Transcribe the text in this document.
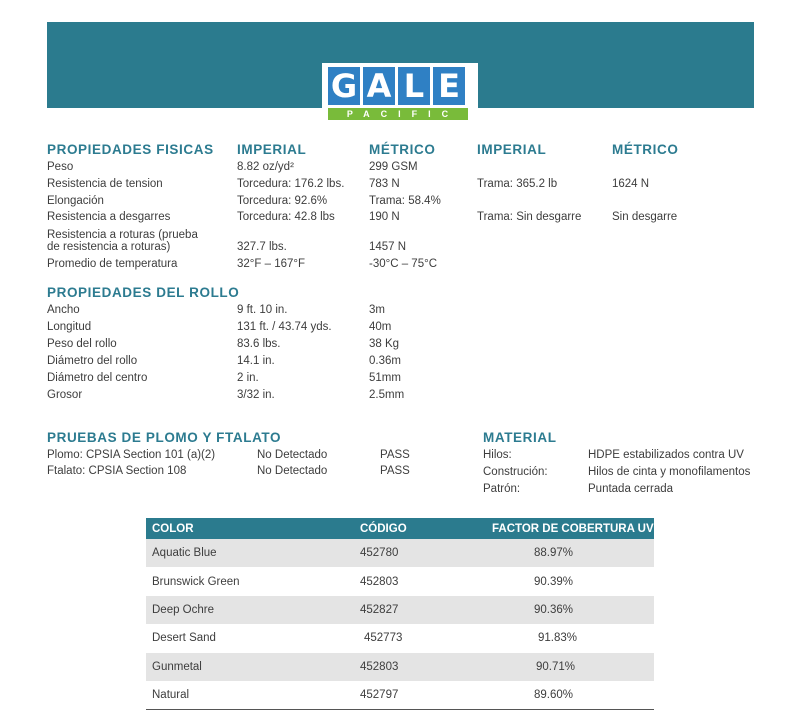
G A L E
PACIFIC
PROPIEDADES FISICAS IMPERIAL	MÉTRICO	IMPERIAL	MÉTRICO
Peso	8.82 oz/yd²	299 GSM
Resistencia de tension	Torcedura: 176.2 lbs. 783 N	Trama: 365.2 lb	1624 N
Elongación	Torcedura: 92.6%	Trama: 58.4%
Resistencia a desgarres	Torcedura: 42.8 lbs	190 N	Trama: Sin desgarre	Sin desgarre
Resistencia a roturas (prueba
de resistencia a roturas)	327.7 lbs.	1457 N
Promedio de temperatura	32°F – 167°F	-30°C – 75°C
PROPIEDADES DEL ROLLO
Ancho	9 ft. 10 in.	3m
Longitud	131 ft. / 43.74 yds.	40m
Peso del rollo	83.6 lbs.	38 Kg
Diámetro del rollo	14.1 in.	0.36m
Diámetro del centro	2 in.	51mm
Grosor	3/32 in.	2.5mm
PRUEBAS DE PLOMO Y FTALATO
Plomo: CPSIA Section 101 (a)(2)	No Detectado	PASS
Ftalato: CPSIA Section 108	No Detectado	PASS
MATERIAL
Hilos:	HDPE estabilizados contra UV
Construción:	Hilos de cinta y monofilamentos
Patrón:	Puntada cerrada
COLOR	CÓDIGO	FACTOR DE COBERTURA UV
Aquatic Blue	452780	88.97%
Brunswick Green	452803	90.39%
Deep Ochre	452827	90.36%
Desert Sand	452773	91.83%
Gunmetal	452803	90.71%
Natural	452797	89.60%
